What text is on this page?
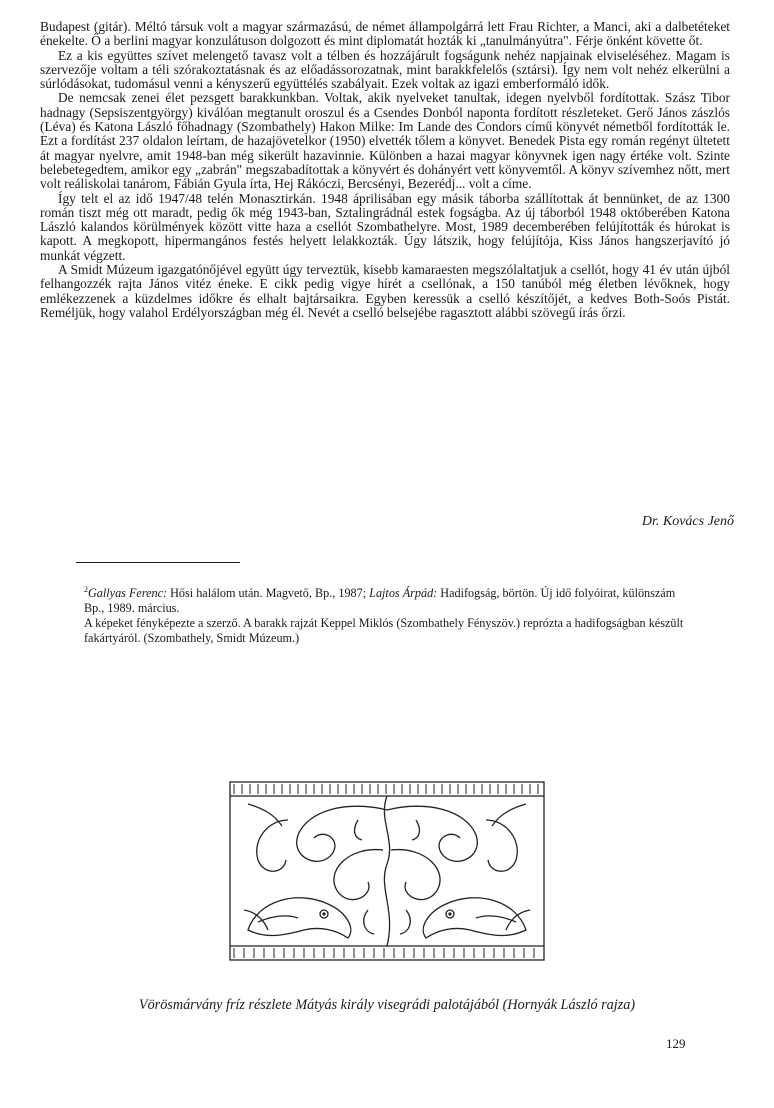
Budapest (gitár). Méltó társuk volt a magyar származású, de német állampolgárrá lett Frau Richter, a Manci, aki a dalbetéteket énekelte. Ő a berlini magyar konzulátuson dolgozott és mint diplomatát hozták ki „tanulmányútra". Férje önként követte őt.

Ez a kis együttes szívet melengető tavasz volt a télben és hozzájárult fogságunk nehéz napjainak elviseléséhez. Magam is szervezője voltam a téli szórakoztatásnak és az előadássorozatnak, mint barakkfelelős (sztársi). Így nem volt nehéz elkerülni a súrlódásokat, tudomásul venni a kényszerű együttélés szabályait. Ezek voltak az igazi emberformáló idők.

De nemcsak zenei élet pezsgett barakkunkban. Voltak, akik nyelveket tanultak, idegen nyelvből fordítottak. Szász Tibor hadnagy (Sepsiszentgyörgy) kiválóan megtanult oroszul és a Csendes Donból naponta fordított részleteket. Gerő János zászlós (Léva) és Katona László főhadnagy (Szombathely) Hakon Milke: Im Lande des Condors című könyvét németből fordították le. Ezt a fordítást 237 oldalon leírtam, de hazajövetelkor (1950) elvették tőlem a könyvet. Benedek Pista egy román regényt ültetett át magyar nyelvre, amit 1948-ban még sikerült hazavinnie. Különben a hazai magyar könyvnek igen nagy értéke volt. Szinte belebetegedtem, amikor egy „zabrán" megszabadítottak a könyvért és dohányért vett könyvemtől. A könyv szívemhez nőtt, mert volt reáliskolai tanárom, Fábián Gyula írta, Hej Rákóczi, Bercsényi, Bezerédj... volt a címe.

Így telt el az idő 1947/48 telén Monasztirkán. 1948 áprilisában egy másik táborba szállítottak át bennünket, de az 1300 román tiszt még ott maradt, pedig ők még 1943-ban, Sztalingrádnál estek fogságba. Az új táborból 1948 októberében Katona László kalandos körülmények között vitte haza a csellót Szombathelyre. Most, 1989 decemberében felújították és húrokat is kapott. A megkopott, hipermangános festés helyett lelakkozták. Úgy látszik, hogy felújítója, Kiss János hangszerjavító jó munkát végzett.

A Smidt Múzeum igazgatónőjével együtt úgy terveztük, kisebb kamaraesten megszólaltatjuk a csellót, hogy 41 év után újból felhangozzék rajta János vitéz éneke. E cikk pedig vigye hírét a csellónak, a 150 tanúból még életben lévőknek, hogy emlékezzenek a küzdelmes időkre és elhalt bajtársaikra. Egyben keressük a cselló készítőjét, a kedves Both-Soós Pistát. Reméljük, hogy valahol Erdélyországban még él. Nevét a cselló belsejébe ragasztott alábbi szövegű írás őrzi.

Dr. Kovács Jenő

$^2$Gallyas Ferenc: Hősi halálom után. Magvető, Bp., 1987; Lajtos Árpád: Hadifogság, börtön. Új idő folyóirat, különszám Bp., 1989. március.

A képeket fényképezte a szerző. A barakk rajzát Keppel Miklós (Szombathely Fényszöv.) reprózta a hadifogságban készült fakártyáról. (Szombathely, Smidt Múzeum.)

Vörösmárvány fríz részlete Mátyás király visegrádi palotájából (Hornyák László rajza)
129
